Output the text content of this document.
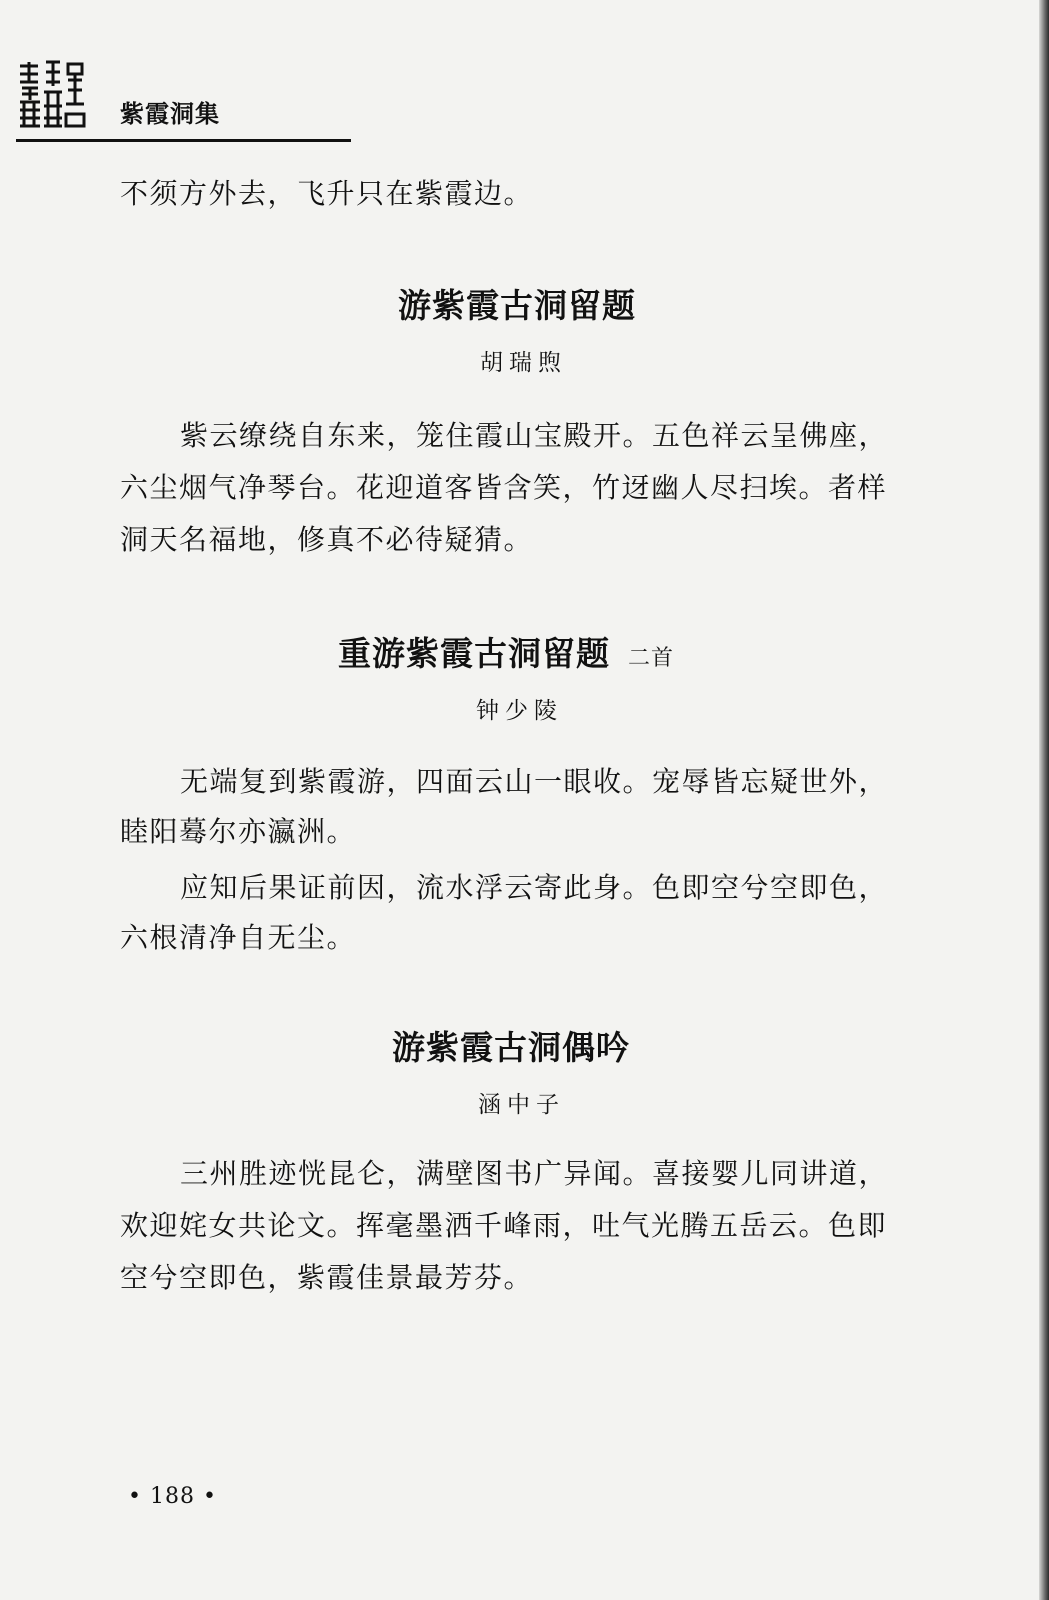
紫霞洞集
不须方外去，飞升只在紫霞边。
游紫霞古洞留题
胡瑞煦
紫云缭绕自东来，笼住霞山宝殿开。五色祥云呈佛座，
六尘烟气净琴台。花迎道客皆含笑，竹迓幽人尽扫埃。者样
洞天名福地，修真不必待疑猜。
重游紫霞古洞留题 二首
钟少陵
无端复到紫霞游，四面云山一眼收。宠辱皆忘疑世外，
睦阳蓦尔亦瀛洲。
应知后果证前因，流水浮云寄此身。色即空兮空即色，
六根清净自无尘。
游紫霞古洞偶吟
涵中子
三州胜迹恍昆仑，满壁图书广异闻。喜接婴儿同讲道，
欢迎姹女共论文。挥毫墨洒千峰雨，吐气光腾五岳云。色即
空兮空即色，紫霞佳景最芳芬。
• 188 •
